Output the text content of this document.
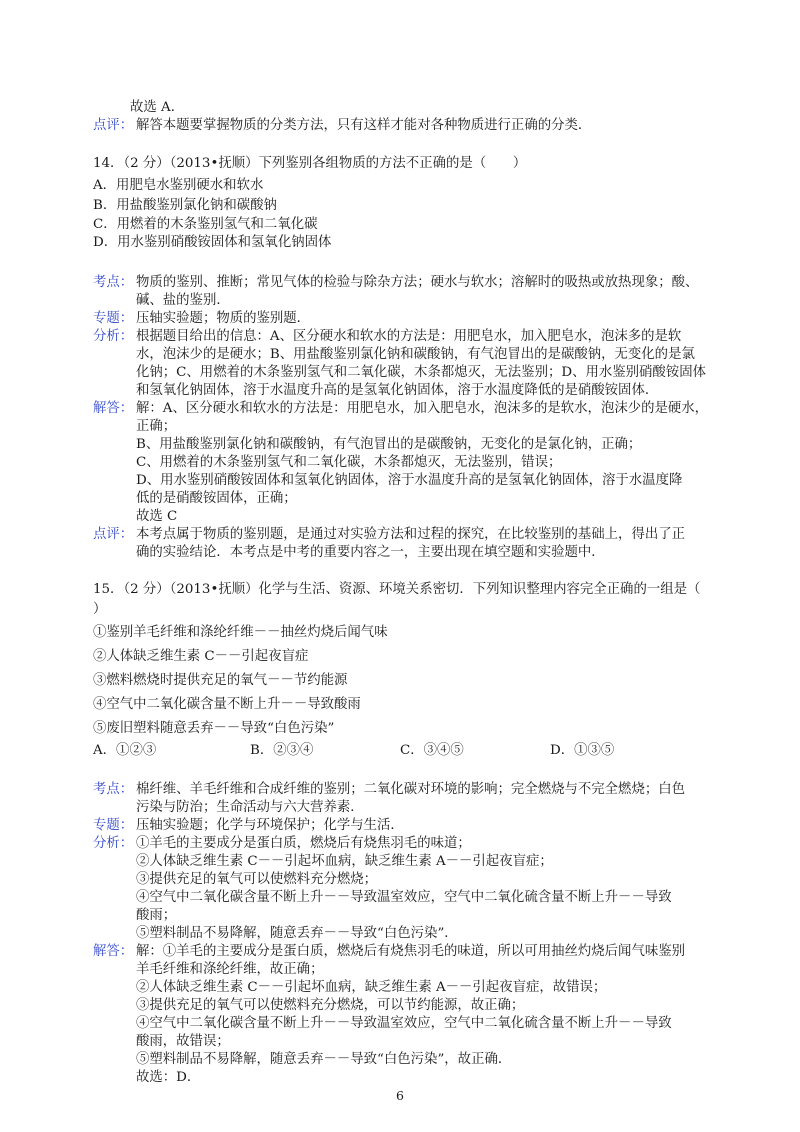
故选 A．
点评： 解答本题要掌握物质的分类方法，只有这样才能对各种物质进行正确的分类．
14．（2 分）（2013•抚顺）下列鉴别各组物质的方法不正确的是（　　）
A．用肥皂水鉴别硬水和软水
B．用盐酸鉴别氯化钠和碳酸钠
C．用燃着的木条鉴别氢气和二氧化碳
D．用水鉴别硝酸铵固体和氢氧化钠固体
考点： 物质的鉴别、推断；常见气体的检验与除杂方法；硬水与软水；溶解时的吸热或放热现象；酸、
碱、盐的鉴别．
专题： 压轴实验题；物质的鉴别题．
分析： 根据题目给出的信息：A、区分硬水和软水的方法是：用肥皂水，加入肥皂水，泡沫多的是软
水，泡沫少的是硬水；B、用盐酸鉴别氯化钠和碳酸钠，有气泡冒出的是碳酸钠，无变化的是氯
化钠；C、用燃着的木条鉴别氢气和二氧化碳，木条都熄灭，无法鉴别；D、用水鉴别硝酸铵固体
和氢氧化钠固体，溶于水温度升高的是氢氧化钠固体，溶于水温度降低的是硝酸铵固体．
解答： 解：A、区分硬水和软水的方法是：用肥皂水，加入肥皂水，泡沫多的是软水，泡沫少的是硬水，
正确；
B、用盐酸鉴别氯化钠和碳酸钠，有气泡冒出的是碳酸钠，无变化的是氯化钠，正确；
C、用燃着的木条鉴别氢气和二氧化碳，木条都熄灭，无法鉴别，错误；
D、用水鉴别硝酸铵固体和氢氧化钠固体，溶于水温度升高的是氢氧化钠固体，溶于水温度降
低的是硝酸铵固体，正确；
故选 C
点评： 本考点属于物质的鉴别题，是通过对实验方法和过程的探究，在比较鉴别的基础上，得出了正
确的实验结论．本考点是中考的重要内容之一，主要出现在填空题和实验题中．
15．（2 分）（2013•抚顺）化学与生活、资源、环境关系密切．下列知识整理内容完全正确的一组是（
）
①鉴别羊毛纤维和涤纶纤维－－抽丝灼烧后闻气味
②人体缺乏维生素 C－－引起夜盲症
③燃料燃烧时提供充足的氧气－－节约能源
④空气中二氧化碳含量不断上升－－导致酸雨
⑤废旧塑料随意丢弃－－导致“白色污染”
A．①②③	B．②③④	C．③④⑤	D．①③⑤
考点： 棉纤维、羊毛纤维和合成纤维的鉴别；二氧化碳对环境的影响；完全燃烧与不完全燃烧；白色
污染与防治；生命活动与六大营养素．
专题： 压轴实验题；化学与环境保护；化学与生活．
分析： ①羊毛的主要成分是蛋白质，燃烧后有烧焦羽毛的味道；
②人体缺乏维生素 C－－引起坏血病，缺乏维生素 A－－引起夜盲症；
③提供充足的氧气可以使燃料充分燃烧；
④空气中二氧化碳含量不断上升－－导致温室效应，空气中二氧化硫含量不断上升－－导致
酸雨；
⑤塑料制品不易降解，随意丢弃－－导致“白色污染”．
解答： 解：①羊毛的主要成分是蛋白质，燃烧后有烧焦羽毛的味道，所以可用抽丝灼烧后闻气味鉴别
羊毛纤维和涤纶纤维，故正确；
②人体缺乏维生素 C－－引起坏血病，缺乏维生素 A－－引起夜盲症，故错误；
③提供充足的氧气可以使燃料充分燃烧，可以节约能源，故正确；
④空气中二氧化碳含量不断上升－－导致温室效应，空气中二氧化硫含量不断上升－－导致
酸雨，故错误；
⑤塑料制品不易降解，随意丢弃－－导致“白色污染”，故正确．
故选：D．
6
